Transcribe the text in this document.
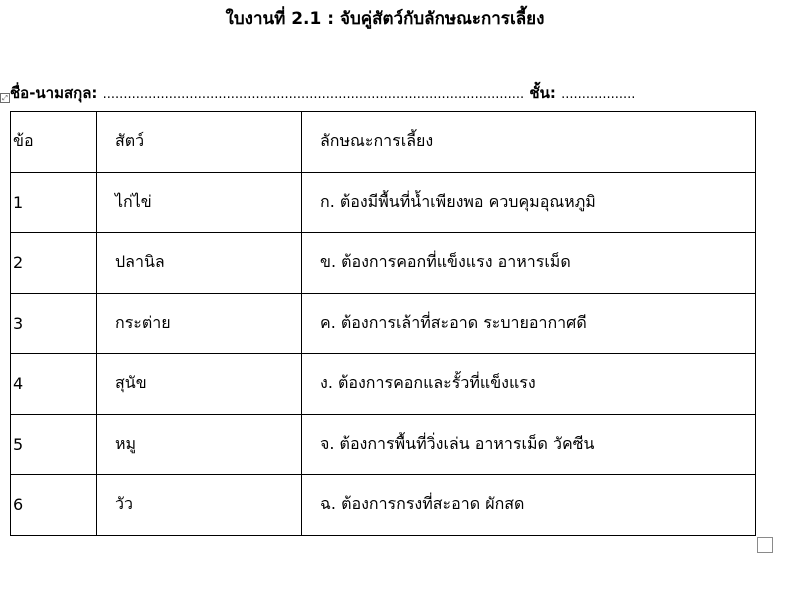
ใบงานที่ 2.1 : จับคู่สัตว์กับลักษณะการเลี้ยง
ชื่อ-นามสกุล: ...................................................................................................... ชั้น: ..................
⤢
ข้อ	สัตว์	ลักษณะการเลี้ยง
1	ไก่ไข่	ก. ต้องมีพื้นที่น้ำเพียงพอ ควบคุมอุณหภูมิ
2	ปลานิล	ข. ต้องการคอกที่แข็งแรง อาหารเม็ด
3	กระต่าย	ค. ต้องการเล้าที่สะอาด ระบายอากาศดี
4	สุนัข	ง. ต้องการคอกและรั้วที่แข็งแรง
5	หมู	จ. ต้องการพื้นที่วิ่งเล่น อาหารเม็ด วัคซีน
6	วัว	ฉ. ต้องการกรงที่สะอาด ผักสด
